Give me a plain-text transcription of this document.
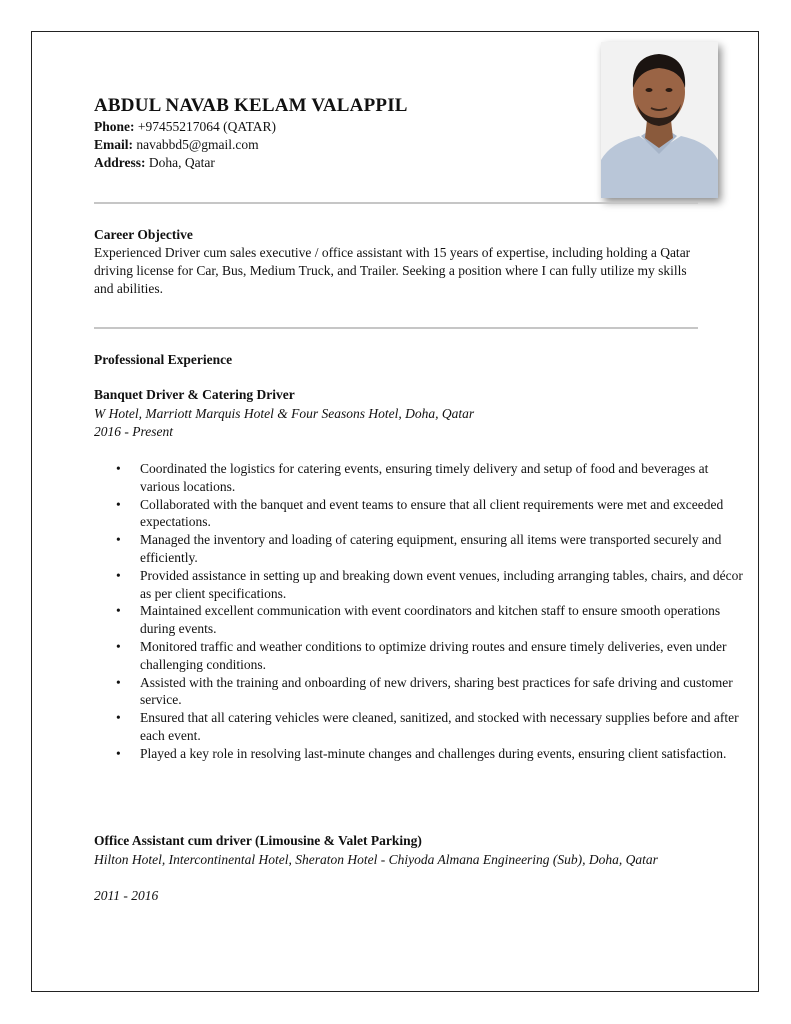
ABDUL NAVAB KELAM VALAPPIL
Phone: +97455217064 (QATAR)
Email: navabbd5@gmail.com
Address: Doha, Qatar
Career Objective
Experienced Driver cum sales executive / office assistant with 15 years of expertise, including holding a Qatar driving license for Car, Bus, Medium Truck, and Trailer. Seeking a position where I can fully utilize my skills and abilities.
Professional Experience
Banquet Driver & Catering Driver
W Hotel, Marriott Marquis Hotel & Four Seasons Hotel, Doha, Qatar
2016 - Present
• Coordinated the logistics for catering events, ensuring timely delivery and setup of food and beverages at various locations.
• Collaborated with the banquet and event teams to ensure that all client requirements were met and exceeded expectations.
• Managed the inventory and loading of catering equipment, ensuring all items were transported securely and efficiently.
• Provided assistance in setting up and breaking down event venues, including arranging tables, chairs, and décor as per client specifications.
• Maintained excellent communication with event coordinators and kitchen staff to ensure smooth operations during events.
• Monitored traffic and weather conditions to optimize driving routes and ensure timely deliveries, even under challenging conditions.
• Assisted with the training and onboarding of new drivers, sharing best practices for safe driving and customer service.
• Ensured that all catering vehicles were cleaned, sanitized, and stocked with necessary supplies before and after each event.
• Played a key role in resolving last-minute changes and challenges during events, ensuring client satisfaction.
Office Assistant cum driver (Limousine & Valet Parking)
Hilton Hotel, Intercontinental Hotel, Sheraton Hotel - Chiyoda Almana Engineering (Sub), Doha, Qatar
2011 - 2016
